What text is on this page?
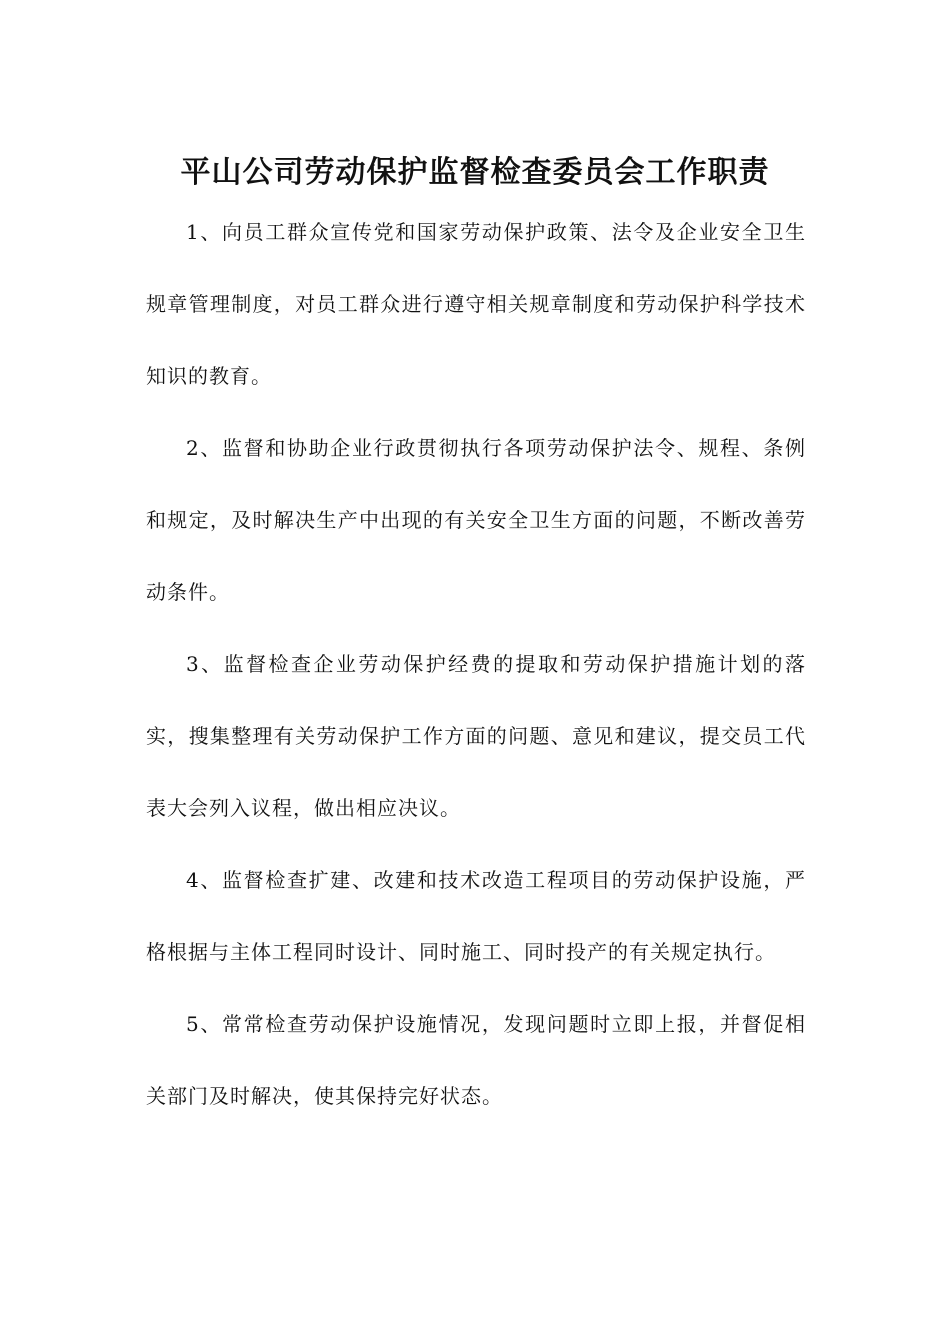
平山公司劳动保护监督检查委员会工作职责

1、向员工群众宣传党和国家劳动保护政策、法令及企业安全卫生规章管理制度，对员工群众进行遵守相关规章制度和劳动保护科学技术知识的教育。

2、监督和协助企业行政贯彻执行各项劳动保护法令、规程、条例和规定，及时解决生产中出现的有关安全卫生方面的问题，不断改善劳动条件。

3、监督检查企业劳动保护经费的提取和劳动保护措施计划的落实，搜集整理有关劳动保护工作方面的问题、意见和建议，提交员工代表大会列入议程，做出相应决议。

4、监督检查扩建、改建和技术改造工程项目的劳动保护设施，严格根据与主体工程同时设计、同时施工、同时投产的有关规定执行。

5、常常检查劳动保护设施情况，发现问题时立即上报，并督促相关部门及时解决，使其保持完好状态。
